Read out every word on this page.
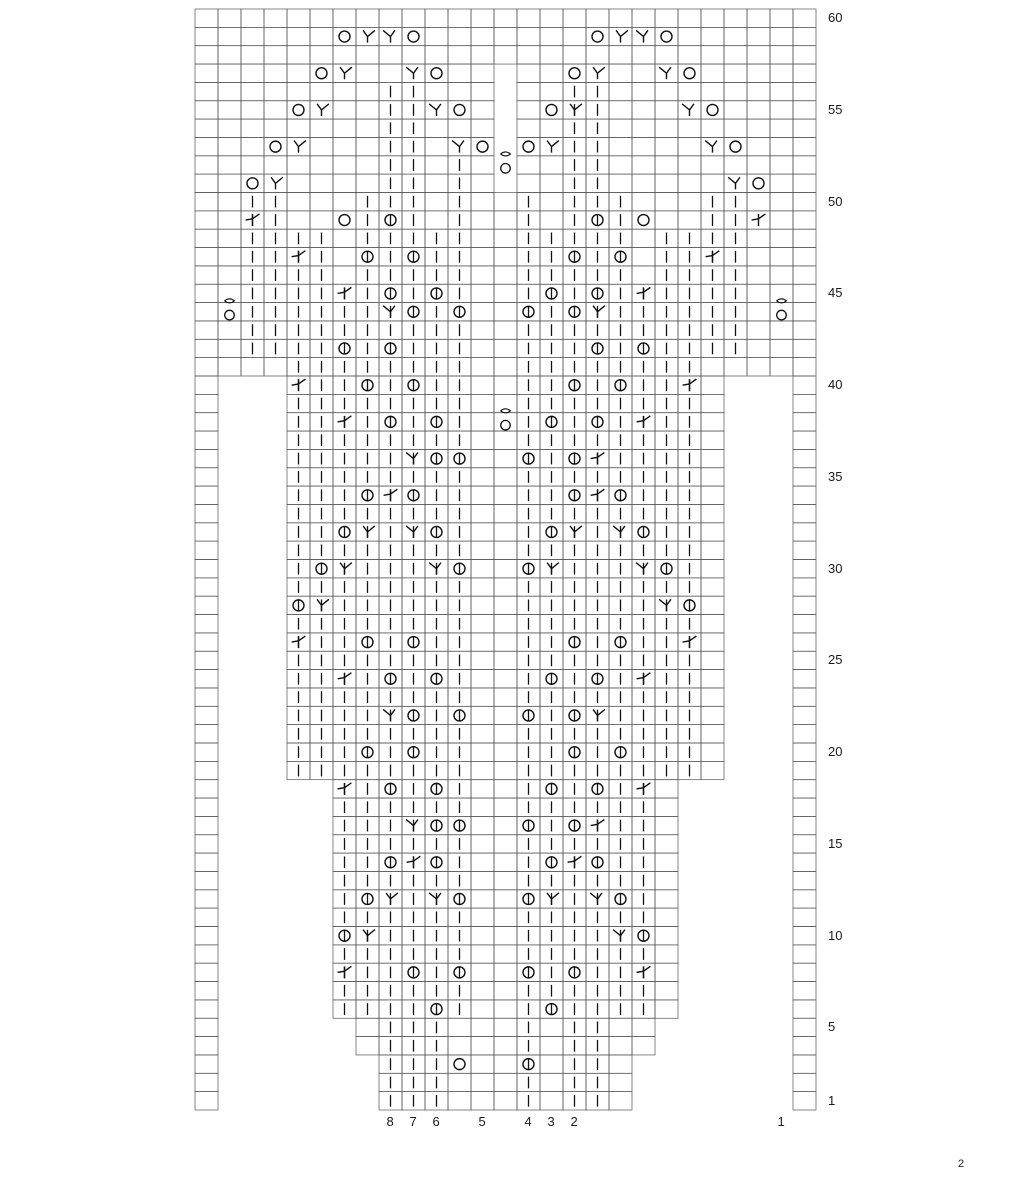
1
5
10
15
20
25
30
35
40
45
50
55
60
8 7 6	5	4 3 2	1
2
